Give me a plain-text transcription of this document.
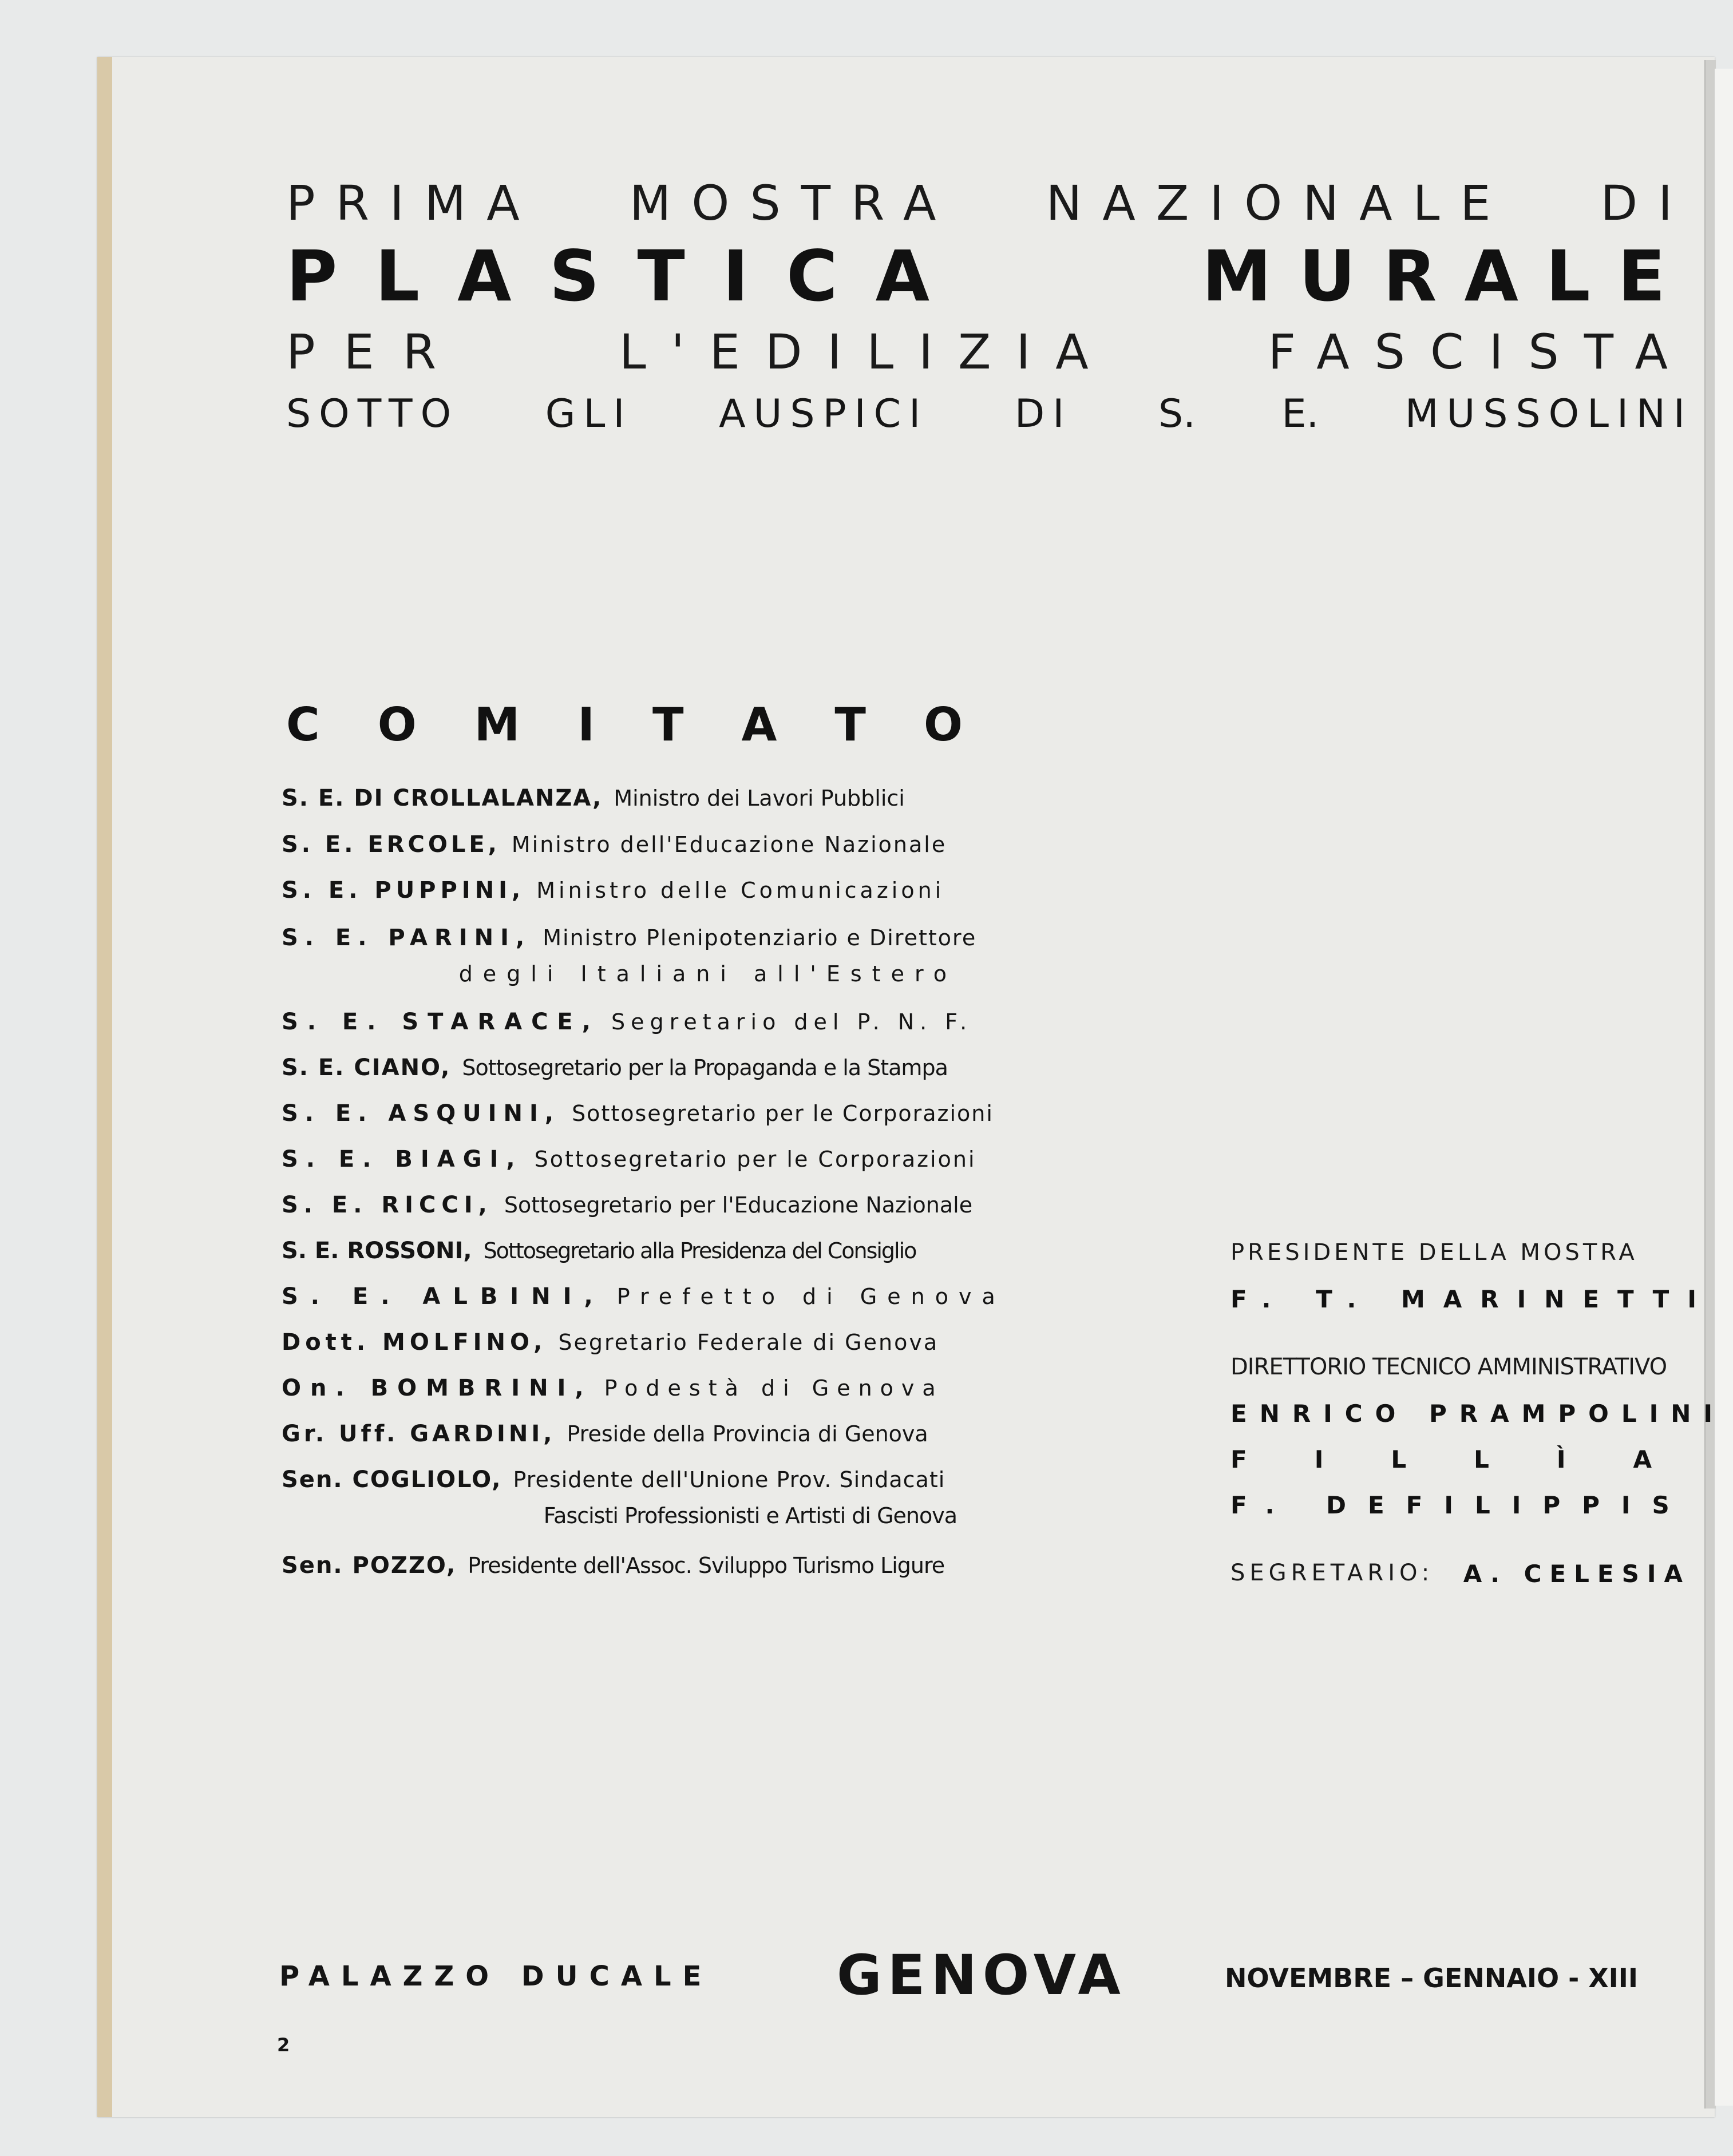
PRIMA MOSTRA NAZIONALE DI
PLASTICA	MURALE
PER	L'EDILIZIA	FASCISTA
SOTTO GLI AUSPICI DI S. E. MUSSOLINI
C O M I T A T O
S. E. DI CROLLALANZA, Ministro dei Lavori Pubblici
S. E. ERCOLE, Ministro dell'Educazione Nazionale
S. E. PUPPINI, Ministro delle Comunicazioni
S. E. PARINI, Ministro Plenipotenziario e Direttore
degli Italiani all'Estero
S. E. STARACE, Segretario del P. N. F.
S. E. CIANO, Sottosegretario per la Propaganda e la Stampa
S. E. ASQUINI, Sottosegretario per le Corporazioni
S. E. BIAGI, Sottosegretario per le Corporazioni
S. E. RICCI, Sottosegretario per l'Educazione Nazionale
S. E. ROSSONI, Sottosegretario alla Presidenza del Consiglio
S. E. ALBINI, Prefetto di Genova
Dott. MOLFINO, Segretario Federale di Genova
On. BOMBRINI, Podestà di Genova
Gr. Uff. GARDINI, Preside della Provincia di Genova
Sen. COGLIOLO, Presidente dell'Unione Prov. Sindacati
Fascisti Professionisti e Artisti di Genova
Sen. POZZO, Presidente dell'Assoc. Sviluppo Turismo Ligure
PRESIDENTE DELLA MOSTRA
F. T. MARINETTI
DIRETTORIO TECNICO AMMINISTRATIVO
ENRICO PRAMPOLINI
FILLÌA
F. DEFILIPPIS
SEGRETARIO: A. CELESIA
PALAZZO DUCALE GENOVA	NOVEMBRE – GENNAIO - XIII
2
